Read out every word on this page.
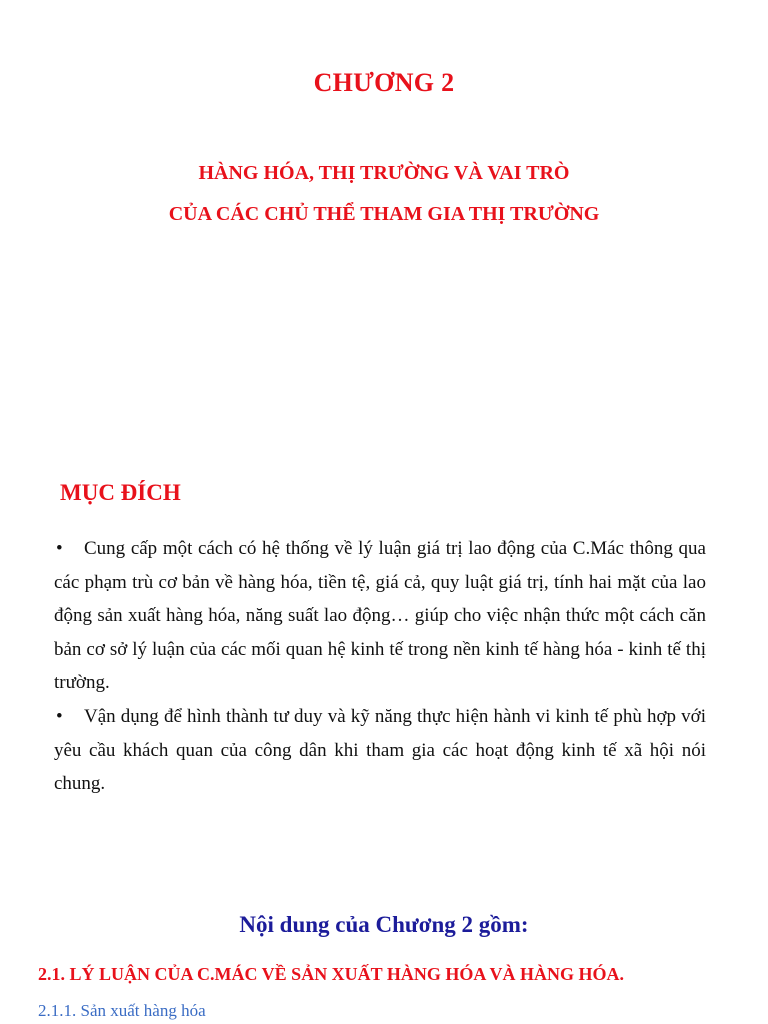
CHƯƠNG 2
HÀNG HÓA, THỊ TRƯỜNG VÀ VAI TRÒ
CỦA CÁC CHỦ THỂ THAM GIA THỊ TRƯỜNG
MỤC ĐÍCH

• Cung cấp một cách có hệ thống về lý luận giá trị lao động của C.Mác thông qua các phạm trù cơ bản về hàng hóa, tiền tệ, giá cả, quy luật giá trị, tính hai mặt của lao động sản xuất hàng hóa, năng suất lao động… giúp cho việc nhận thức một cách căn bản cơ sở lý luận của các mối quan hệ kinh tế trong nền kinh tế hàng hóa - kinh tế thị trường.

• Vận dụng để hình thành tư duy và kỹ năng thực hiện hành vi kinh tế phù hợp với yêu cầu khách quan của công dân khi tham gia các hoạt động kinh tế xã hội nói chung.

Nội dung của Chương 2 gồm:
2.1. LÝ LUẬN CỦA C.MÁC VỀ SẢN XUẤT HÀNG HÓA VÀ HÀNG HÓA.
2.1.1. Sản xuất hàng hóa
